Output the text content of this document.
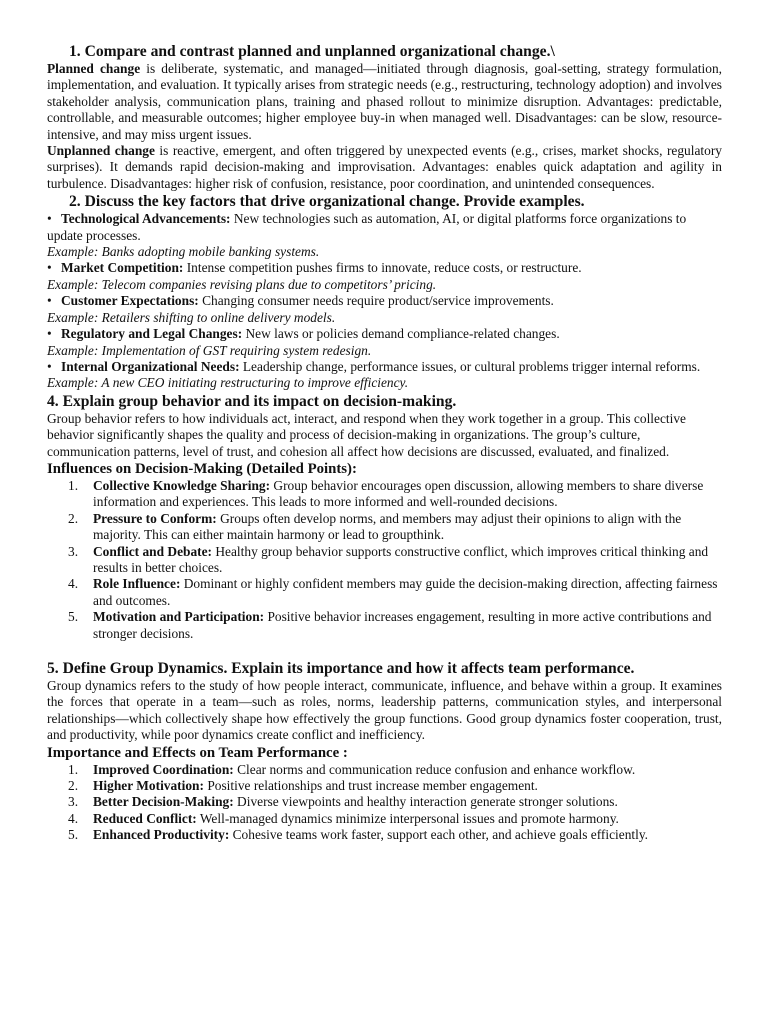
1. Compare and contrast planned and unplanned organizational change.\

Planned change is deliberate, systematic, and managed—initiated through diagnosis, goal-setting, strategy formulation, implementation, and evaluation. It typically arises from strategic needs (e.g., restructuring, technology adoption) and involves stakeholder analysis, communication plans, training and phased rollout to minimize disruption. Advantages: predictable, controllable, and measurable outcomes; higher employee buy-in when managed well. Disadvantages: can be slow, resource-intensive, and may miss urgent issues.

Unplanned change is reactive, emergent, and often triggered by unexpected events (e.g., crises, market shocks, regulatory surprises). It demands rapid decision-making and improvisation. Advantages: enables quick adaptation and agility in turbulence. Disadvantages: higher risk of confusion, resistance, poor coordination, and unintended consequences.

2. Discuss the key factors that drive organizational change. Provide examples.

• Technological Advancements: New technologies such as automation, AI, or digital platforms force organizations to update processes.

Example: Banks adopting mobile banking systems.

• Market Competition: Intense competition pushes firms to innovate, reduce costs, or restructure.

Example: Telecom companies revising plans due to competitors’ pricing.

• Customer Expectations: Changing consumer needs require product/service improvements.

Example: Retailers shifting to online delivery models.

• Regulatory and Legal Changes: New laws or policies demand compliance-related changes.

Example: Implementation of GST requiring system redesign.

• Internal Organizational Needs: Leadership change, performance issues, or cultural problems trigger internal reforms.

Example: A new CEO initiating restructuring to improve efficiency.

4. Explain group behavior and its impact on decision-making.

Group behavior refers to how individuals act, interact, and respond when they work together in a group. This collective behavior significantly shapes the quality and process of decision-making in organizations. The group’s culture, communication patterns, level of trust, and cohesion all affect how decisions are discussed, evaluated, and finalized.

Influences on Decision-Making (Detailed Points):
1. Collective Knowledge Sharing: Group behavior encourages open discussion, allowing members to share diverse information and experiences. This leads to more informed and well-rounded decisions.
2. Pressure to Conform: Groups often develop norms, and members may adjust their opinions to align with the majority. This can either maintain harmony or lead to groupthink.
3. Conflict and Debate: Healthy group behavior supports constructive conflict, which improves critical thinking and results in better choices.
4. Role Influence: Dominant or highly confident members may guide the decision-making direction, affecting fairness and outcomes.
5. Motivation and Participation: Positive behavior increases engagement, resulting in more active contributions and stronger decisions.
5. Define Group Dynamics. Explain its importance and how it affects team performance.

Group dynamics refers to the study of how people interact, communicate, influence, and behave within a group. It examines the forces that operate in a team—such as roles, norms, leadership patterns, communication styles, and interpersonal relationships—which collectively shape how effectively the group functions. Good group dynamics foster cooperation, trust, and productivity, while poor dynamics create conflict and inefficiency.

Importance and Effects on Team Performance :
1. Improved Coordination: Clear norms and communication reduce confusion and enhance workflow.
2. Higher Motivation: Positive relationships and trust increase member engagement.
3. Better Decision-Making: Diverse viewpoints and healthy interaction generate stronger solutions.
4. Reduced Conflict: Well-managed dynamics minimize interpersonal issues and promote harmony.
5. Enhanced Productivity: Cohesive teams work faster, support each other, and achieve goals efficiently.
